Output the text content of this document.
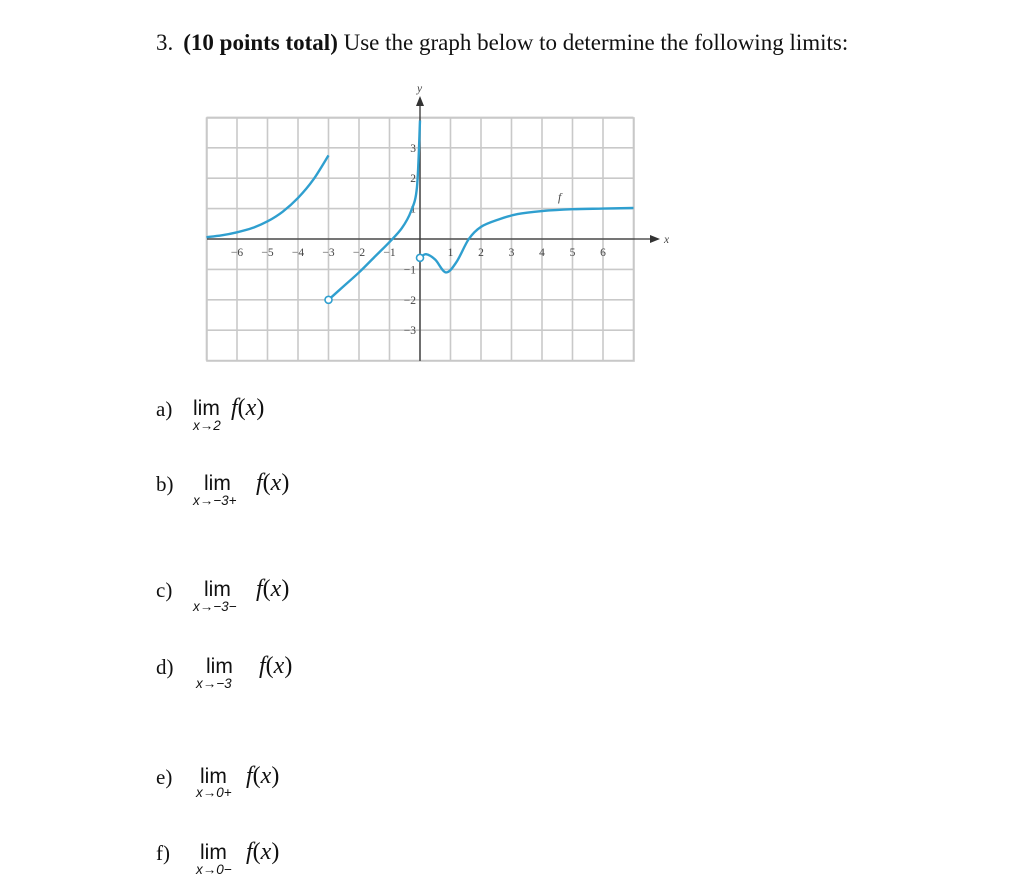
3. (10 points total) Use the graph below to determine the following limits:
y
x
f
−6 −5 −4 −3 −2 −1	1 2 3 4 5 6
1
2
3
−1
−2
−3
a) lim
x→2
f(x)
b) lim
x→−3+
f(x)
c) lim
x→−3−
f(x)
d) lim
x→−3
f(x)
e) lim
x→0+
f(x)
f) lim
x→0−
f(x)
